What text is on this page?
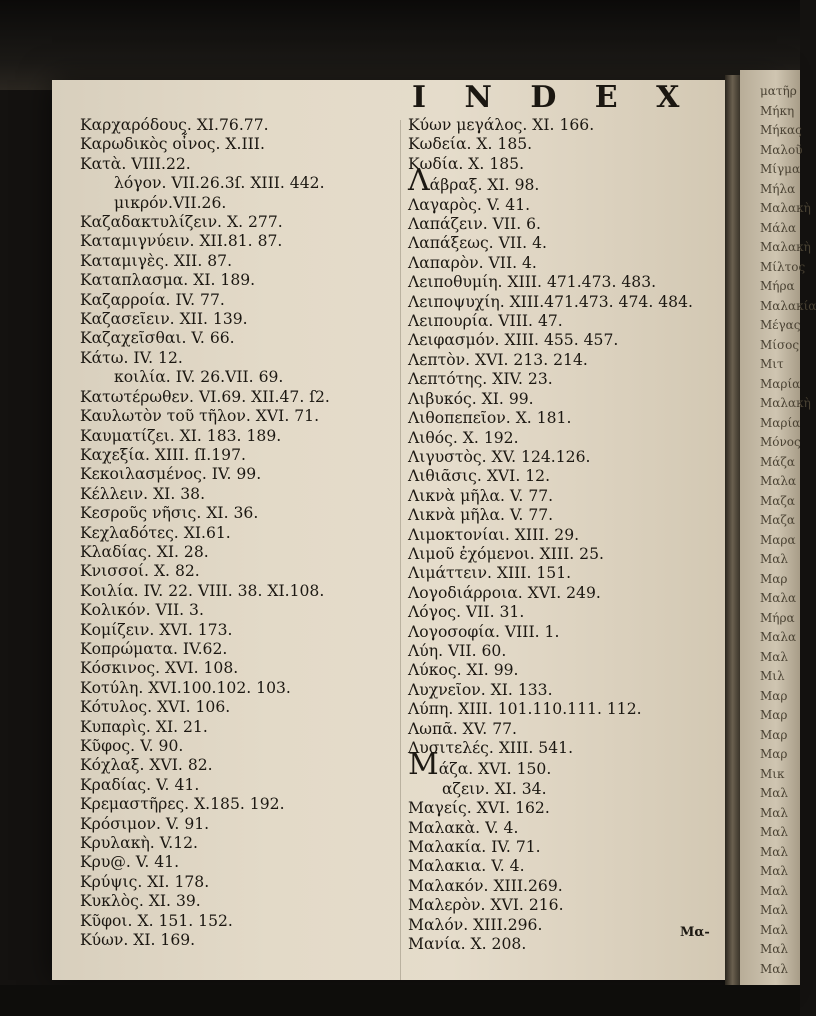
ματῆρ
Μήκη
Μήκας
Μαλοῦ
Μίγμα
Μήλα
Μαλακὴ
Μάλα
Μαλακὴ
Μίλτος
Μήρα
Μαλακία
Μέγας
Μίσος
Μιτ
Μαρία
Μαλακὴ
Μαρία
Μόνος
Μάζα
Μαλα
Μαζα
Μαζα
Μαρα
Μαλ
Μαρ
Μαλα
Μήρα
Μαλα
Μαλ
Μιλ
Μαρ
Μαρ
Μαρ
Μαρ
Μικ
Μαλ
Μαλ
Μαλ
Μαλ
Μαλ
Μαλ
Μαλ
Μαλ
Μαλ
Μαλ
I N D E X
Καρχαρόδους. XI.76.77.
Καρωδικὸς οἶνος. X.III.
Κατὰ. VIII.22.
λόγον. VII.26.3ſ. XIII. 442.
μικρόν.VII.26.
Καζαδακτυλίζειν. X. 277.
Καταμιγνύειν. XII.81. 87.
Καταμιγὲς. XII. 87.
Καταπλασμα. XI. 189.
Καζαρροία. IV. 77.
Καζασεῖειν. XII. 139.
Καζαχεῖσθαι. V. 66.
Κάτω. IV. 12.
κοιλία. IV. 26.VII. 69.
Κατωτέρωθεν. VI.69. XII.47. ſ2.
Καυλωτὸν τοῦ τῆλον. XVI. 71.
Καυματίζει. XI. 183. 189.
Καχεξία. XIII. ſI.197.
Κεκοιλασμένος. IV. 99.
Κέλλειν. XI. 38.
Κεσροῦς νῆσις. XI. 36.
Κεχλαδότες. XI.61.
Κλαδίας. XI. 28.
Κνισσοί. X. 82.
Κοιλία. IV. 22. VIII. 38. XI.108.
Κολικόν. VII. 3.
Κομίζειν. XVI. 173.
Κοπρώματα. IV.62.
Κόσκινος. XVI. 108.
Κοτύλη. XVI.100.102. 103.
Κότυλος. XVI. 106.
Κυπαρὶς. XI. 21.
Κῦφος. V. 90.
Κόχλαξ. XVI. 82.
Κραδίας. V. 41.
Κρεμαστῆρες. X.185. 192.
Κρόσιμον. V. 91.
Κρυλακὴ. V.12.
Κρυ@. V. 41.
Κρύψις. XI. 178.
Κυκλὸς. XI. 39.
Κῦφοι. X. 151. 152.
Κύων. XI. 169.
Κύων μεγάλος. XI. 166.
Κωδεία. X. 185.
Κωδία. X. 185.
Λάβραξ. XI. 98.
Λαγαρὸς. V. 41.
Λαπάζειν. VII. 6.
Λαπάξεως. VII. 4.
Λαπαρὸν. VII. 4.
Λειποθυμίη. XIII. 471.473. 483.
Λειποψυχίη. XIII.471.473. 474. 484.
Λειπουρία. VIII. 47.
Λειφασμόν. XIII. 455. 457.
Λεπτὸν. XVI. 213. 214.
Λεπτότης. XIV. 23.
Λιβυκός. XI. 99.
Λιθοπεπεῖον. X. 181.
Λιθός. X. 192.
Λιγυστὸς. XV. 124.126.
Λιθιᾶσις. XVI. 12.
Λικνὰ μῆλα. V. 77.
Λικνὰ μῆλα. V. 77.
Λιμοκτονίαι. XIII. 29.
Λιμοῦ ἐχόμενοι. XIII. 25.
Λιμάττειν. XIII. 151.
Λογοδιάρροια. XVI. 249.
Λόγος. VII. 31.
Λογοσοφία. VIII. 1.
Λύη. VII. 60.
Λύκος. XI. 99.
Λυχνεῖον. XI. 133.
Λύπη. XIII. 101.110.111. 112.
Λωπᾶ. XV. 77.
Λυσιτελές. XIII. 541.
Μάζα. XVI. 150.
αζειν. XI. 34.
Μαγείς. XVI. 162.
Μαλακὰ. V. 4.
Μαλακία. IV. 71.
Μαλακια. V. 4.
Μαλακόν. XIII.269.
Μαλερὸν. XVI. 216.
Μαλόν. XIII.296.
Μανία. X. 208.
Μα-
